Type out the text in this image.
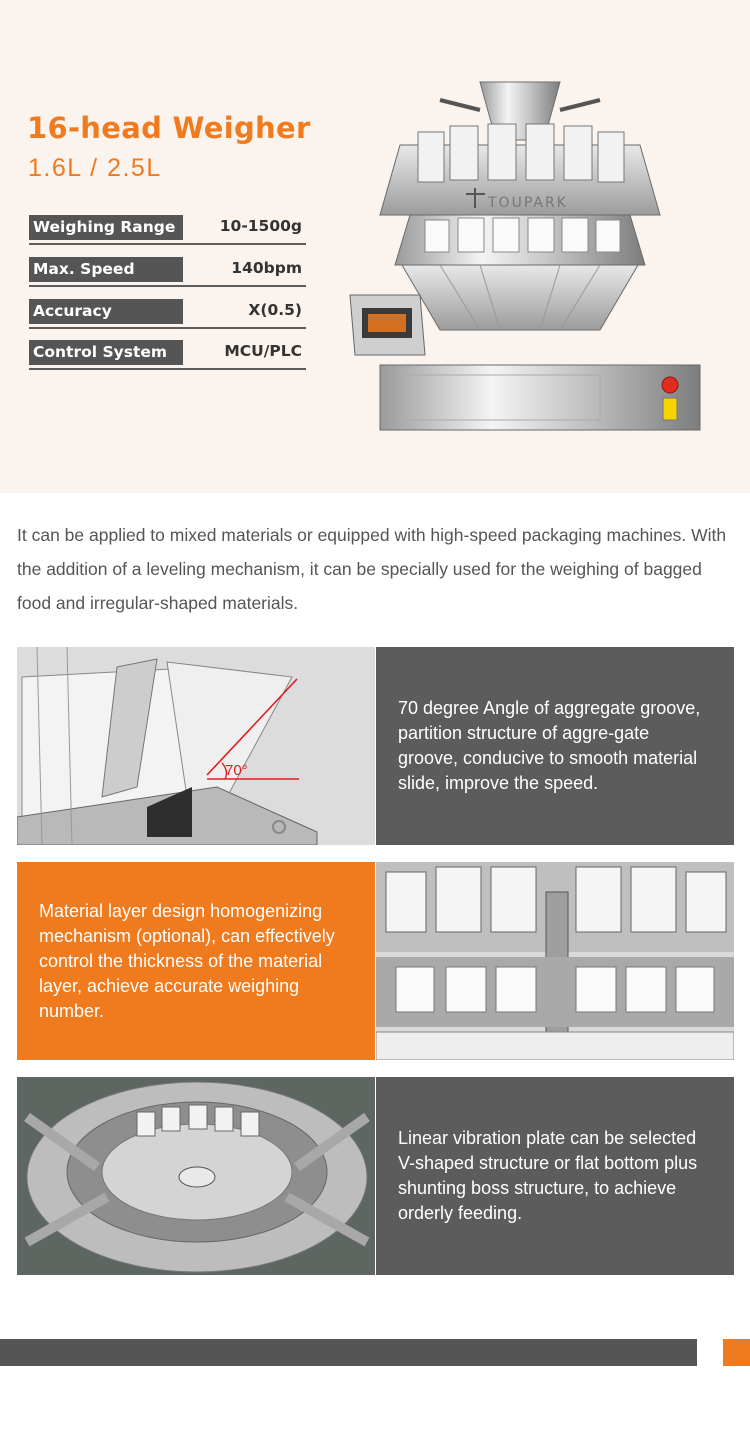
16-head Weigher
1.6L / 2.5L
Weighing Range	10-1500g
Max. Speed	140bpm
Accuracy	X(0.5)
Control System	MCU/PLC
TOUPARK

It can be applied to mixed materials or equipped with high-speed packaging machines. With the addition of a leveling mechanism, it can be specially used for the weighing of bagged food and irregular-shaped materials.

70°
70 degree Angle of aggregate groove, partition structure of aggre-gate groove, conducive to smooth material slide, improve the speed.
Material layer design homogenizing mechanism (optional), can effectively control the thickness of the material layer, achieve accurate weighing number.
Linear vibration plate can be selected V-shaped structure or flat bottom plus shunting boss structure, to achieve orderly feeding.
